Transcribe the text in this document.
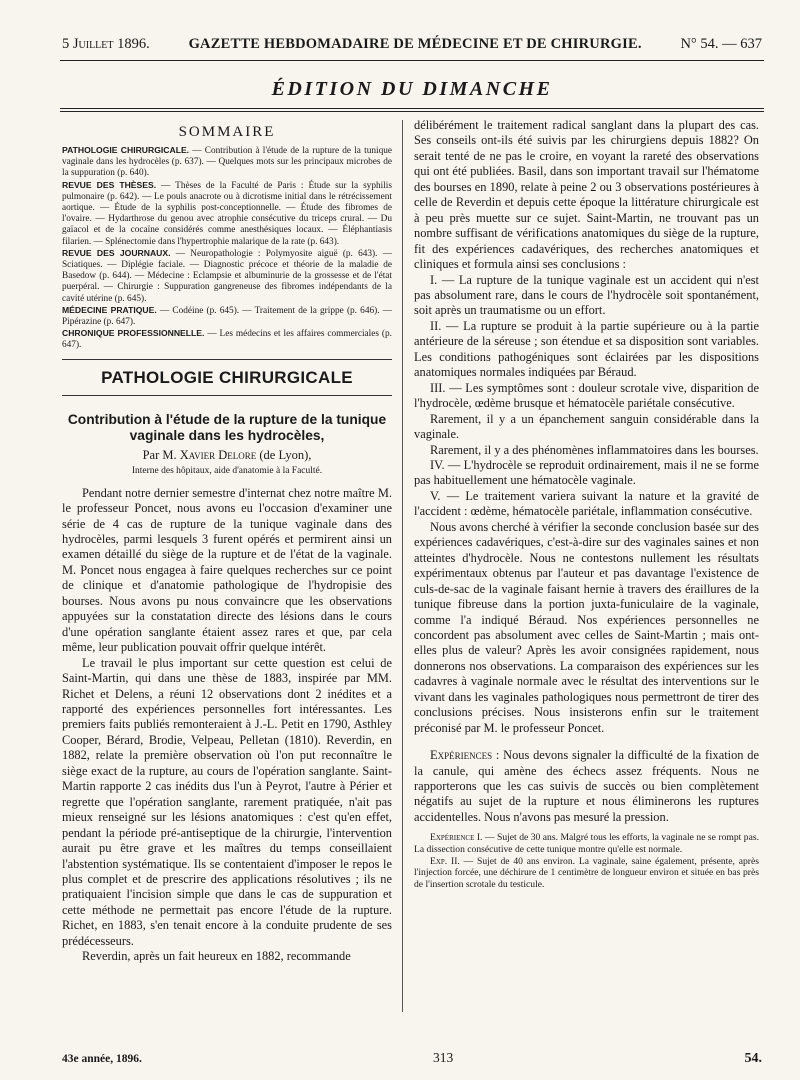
5 Juillet 1896.	GAZETTE HEBDOMADAIRE DE MÉDECINE ET DE CHIRURGIE.	N° 54. — 637
ÉDITION DU DIMANCHE
SOMMAIRE

PATHOLOGIE CHIRURGICALE. — Contribution à l'étude de la rupture de la tunique vaginale dans les hydrocèles (p. 637). — Quelques mots sur les principaux microbes de la suppuration (p. 640).

REVUE DES THÈSES. — Thèses de la Faculté de Paris : Étude sur la syphilis pulmonaire (p. 642). — Le pouls anacrote ou à dicrotisme initial dans le rétrécissement aortique. — Étude de la syphilis post-conceptionnelle. — Étude des fibromes de l'ovaire. — Hydarthrose du genou avec atrophie consécutive du triceps crural. — Du gaïacol et de la cocaïne considérés comme anesthésiques locaux. — Éléphantiasis filarien. — Splénectomie dans l'hypertrophie malarique de la rate (p. 643).

REVUE DES JOURNAUX. — Neuropathologie : Polymyosite aiguë (p. 643). — Sciatiques. — Diplégie faciale. — Diagnostic précoce et théorie de la maladie de Basedow (p. 644). — Médecine : Eclampsie et albuminurie de la grossesse et de l'état puerpéral. — Chirurgie : Suppuration gangreneuse des fibromes indépendants de la cavité utérine (p. 645).

MÉDECINE PRATIQUE. — Codéine (p. 645). — Traitement de la grippe (p. 646). — Pipérazine (p. 647).

CHRONIQUE PROFESSIONNELLE. — Les médecins et les affaires commerciales (p. 647).

PATHOLOGIE CHIRURGICALE
Contribution à l'étude de la rupture de la tunique vaginale dans les hydrocèles,
Par M. Xavier Delore (de Lyon),
Interne des hôpitaux, aide d'anatomie à la Faculté.

Pendant notre dernier semestre d'internat chez notre maître M. le professeur Poncet, nous avons eu l'occasion d'examiner une série de 4 cas de rupture de la tunique vaginale dans des hydrocèles, parmi lesquels 3 furent opérés et permirent ainsi un examen détaillé du siège de la rupture et de l'état de la vaginale. M. Poncet nous engagea à faire quelques recherches sur ce point de clinique et d'anatomie pathologique de l'hydropisie des bourses. Nous avons pu nous convaincre que les observations appuyées sur la constatation directe des lésions dans le cours d'une opération sanglante étaient assez rares et que, par cela même, leur publication pouvait offrir quelque intérêt.

Le travail le plus important sur cette question est celui de Saint-Martin, qui dans une thèse de 1883, inspirée par MM. Richet et Delens, a réuni 12 observations dont 2 inédites et a rapporté des expériences personnelles fort intéressantes. Les premiers faits publiés remonteraient à J.-L. Petit en 1790, Asthley Cooper, Bérard, Brodie, Velpeau, Pelletan (1810). Reverdin, en 1882, relate la première observation où l'on put reconnaître le siège exact de la rupture, au cours de l'opération sanglante. Saint-Martin rapporte 2 cas inédits dus l'un à Peyrot, l'autre à Périer et regrette que l'opération sanglante, rarement pratiquée, n'ait pas mieux renseigné sur les lésions anatomiques : c'est qu'en effet, pendant la période pré-antiseptique de la chirurgie, l'intervention aurait pu être grave et les maîtres du temps conseillaient l'abstention systématique. Ils se contentaient d'imposer le repos le plus complet et de prescrire des applications résolutives ; ils ne pratiquaient l'incision simple que dans le cas de suppuration et cette méthode ne permettait pas encore l'étude de la rupture. Richet, en 1883, s'en tenait encore à la conduite prudente de ses prédécesseurs.

Reverdin, après un fait heureux en 1882, recommande

délibérément le traitement radical sanglant dans la plupart des cas. Ses conseils ont-ils été suivis par les chirurgiens depuis 1882? On serait tenté de ne pas le croire, en voyant la rareté des observations qui ont été publiées. Basil, dans son important travail sur l'hématome des bourses en 1890, relate à peine 2 ou 3 observations postérieures à celle de Reverdin et depuis cette époque la littérature chirurgicale est à peu près muette sur ce sujet. Saint-Martin, ne trouvant pas un nombre suffisant de vérifications anatomiques du siège de la rupture, fit des expériences cadavériques, des recherches anatomiques et cliniques et formula ainsi ses conclusions :

I. — La rupture de la tunique vaginale est un accident qui n'est pas absolument rare, dans le cours de l'hydrocèle soit spontanément, soit après un traumatisme ou un effort.

II. — La rupture se produit à la partie supérieure ou à la partie antérieure de la séreuse ; son étendue et sa disposition sont variables. Les conditions pathogéniques sont éclairées par les dispositions anatomiques normales indiquées par Béraud.

III. — Les symptômes sont : douleur scrotale vive, disparition de l'hydrocèle, œdème brusque et hématocèle pariétale consécutive.

Rarement, il y a un épanchement sanguin considérable dans la vaginale.

Rarement, il y a des phénomènes inflammatoires dans les bourses.

IV. — L'hydrocèle se reproduit ordinairement, mais il ne se forme pas habituellement une hématocèle vaginale.

V. — Le traitement variera suivant la nature et la gravité de l'accident : œdème, hématocèle pariétale, inflammation consécutive.

Nous avons cherché à vérifier la seconde conclusion basée sur des expériences cadavériques, c'est-à-dire sur des vaginales saines et non atteintes d'hydrocèle. Nous ne contestons nullement les résultats expérimentaux obtenus par l'auteur et pas davantage l'existence de culs-de-sac de la vaginale faisant hernie à travers des éraillures de la tunique fibreuse dans la portion juxta-funiculaire de la vaginale, comme l'a indiqué Béraud. Nos expériences personnelles ne concordent pas absolument avec celles de Saint-Martin ; mais ont-elles plus de valeur? Après les avoir consignées rapidement, nous donnerons nos observations. La comparaison des expériences sur les cadavres à vaginale normale avec le résultat des interventions sur le vivant dans les vaginales pathologiques nous permettront de tirer des conclusions précises. Nous insisterons enfin sur le traitement préconisé par M. le professeur Poncet.

Expériences : Nous devons signaler la difficulté de la fixation de la canule, qui amène des échecs assez fréquents. Nous ne rapporterons que les cas suivis de succès ou bien complètement négatifs au sujet de la rupture et nous éliminerons les ruptures accidentelles. Nous n'avons pas mesuré la pression.

Expérience I. — Sujet de 30 ans. Malgré tous les efforts, la vaginale ne se rompt pas. La dissection consécutive de cette tunique montre qu'elle est normale.

Exp. II. — Sujet de 40 ans environ. La vaginale, saine également, présente, après l'injection forcée, une déchirure de 1 centimètre de longueur environ et située en bas près de l'insertion scrotale du testicule.

43e année, 1896.	313	54.
